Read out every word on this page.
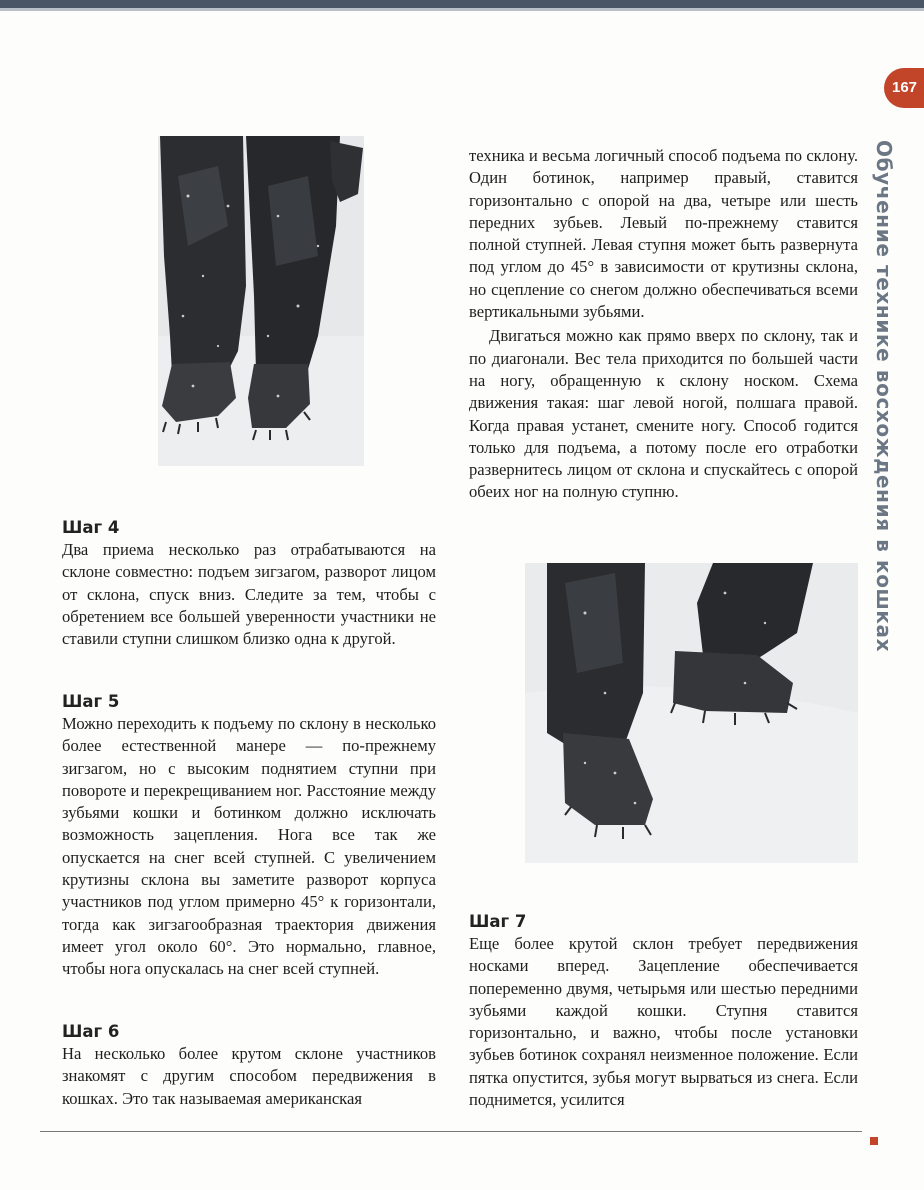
167
Обучение технике восхождения в кошках

техника и весьма логичный способ подъема по склону. Один ботинок, например правый, ставится горизонтально с опорой на два, четыре или шесть передних зубьев. Левый по-прежнему ставится полной ступней. Левая ступня может быть развернута под углом до 45° в зависимости от крутизны склона, но сцепление со снегом должно обеспечиваться всеми вертикальными зубьями.

Двигаться можно как прямо вверх по склону, так и по диагонали. Вес тела приходится по большей части на ногу, обращенную к склону носком. Схема движения такая: шаг левой ногой, полшага правой. Когда правая устанет, смените ногу. Способ годится только для подъема, а потому после его отработки развернитесь лицом от склона и спускайтесь с опорой обеих ног на полную ступню.

Шаг 4

Два приема несколько раз отрабатываются на склоне совместно: подъем зигзагом, разворот лицом от склона, спуск вниз. Следите за тем, чтобы с обретением все большей уверенности участники не ставили ступни слишком близко одна к другой.

Шаг 5

Можно переходить к подъему по склону в несколько более естественной манере — по-прежнему зигзагом, но с высоким поднятием ступни при повороте и перекрещиванием ног. Расстояние между зубьями кошки и ботинком должно исключать возможность зацепления. Нога все так же опускается на снег всей ступней. С увеличением крутизны склона вы заметите разворот корпуса участников под углом примерно 45° к горизонтали, тогда как зигзагообразная траектория движения имеет угол около 60°. Это нормально, главное, чтобы нога опускалась на снег всей ступней.

Шаг 6

На несколько более крутом склоне участников знакомят с другим способом передвижения в кошках. Это так называемая американская

Шаг 7

Еще более крутой склон требует передвижения носками вперед. Зацепление обеспечивается попеременно двумя, четырьмя или шестью передними зубьями каждой кошки. Ступня ставится горизонтально, и важно, чтобы после установки зубьев ботинок сохранял неизменное положение. Если пятка опустится, зубья могут вырваться из снега. Если поднимется, усилится
